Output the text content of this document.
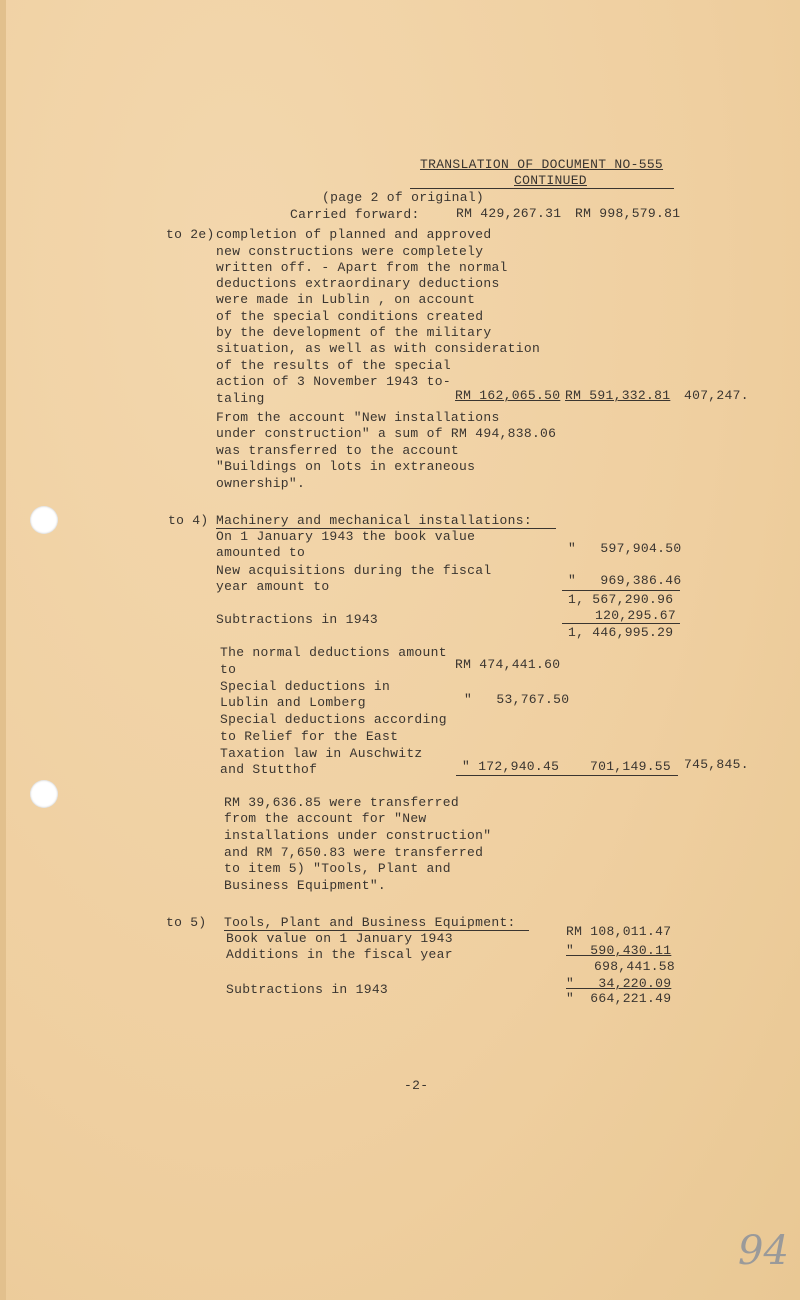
TRANSLATION OF DOCUMENT NO-555
CONTINUED
(page 2 of original)
Carried forward:	RM 429,267.31 RM 998,579.81
to 2e) completion of planned and approved
new constructions were completely
written off. - Apart from the normal
deductions extraordinary deductions
were made in Lublin , on account
of the special conditions created
by the development of the military
situation, as well as with consideration
of the results of the special
action of 3 November 1943 to-
taling	RM 162,065.50 RM 591,332.81 407,247.
From the account "New installations
under construction" a sum of RM 494,838.06
was transferred to the account
"Buildings on lots in extraneous
ownership".
to 4) Machinery and mechanical installations:
On 1 January 1943 the book value
amounted to	"   597,904.50
New acquisitions during the fiscal
year amount to	"   969,386.46
1, 567,290.96
Subtractions in 1943	120,295.67
1, 446,995.29
The normal deductions amount
to	RM 474,441.60
Special deductions in
Lublin and Lomberg	"   53,767.50
Special deductions according
to Relief for the East
Taxation law in Auschwitz
and Stutthof	" 172,940.45 701,149.55 745,845.
RM 39,636.85 were transferred
from the account for "New
installations under construction"
and RM 7,650.83 were transferred
to item 5) "Tools, Plant and
Business Equipment".
to 5) Tools, Plant and Business Equipment:
Book value on 1 January 1943	RM 108,011.47
Additions in the fiscal year	"  590,430.11
698,441.58
Subtractions in 1943	"   34,220.09
"  664,221.49
-2-
94
